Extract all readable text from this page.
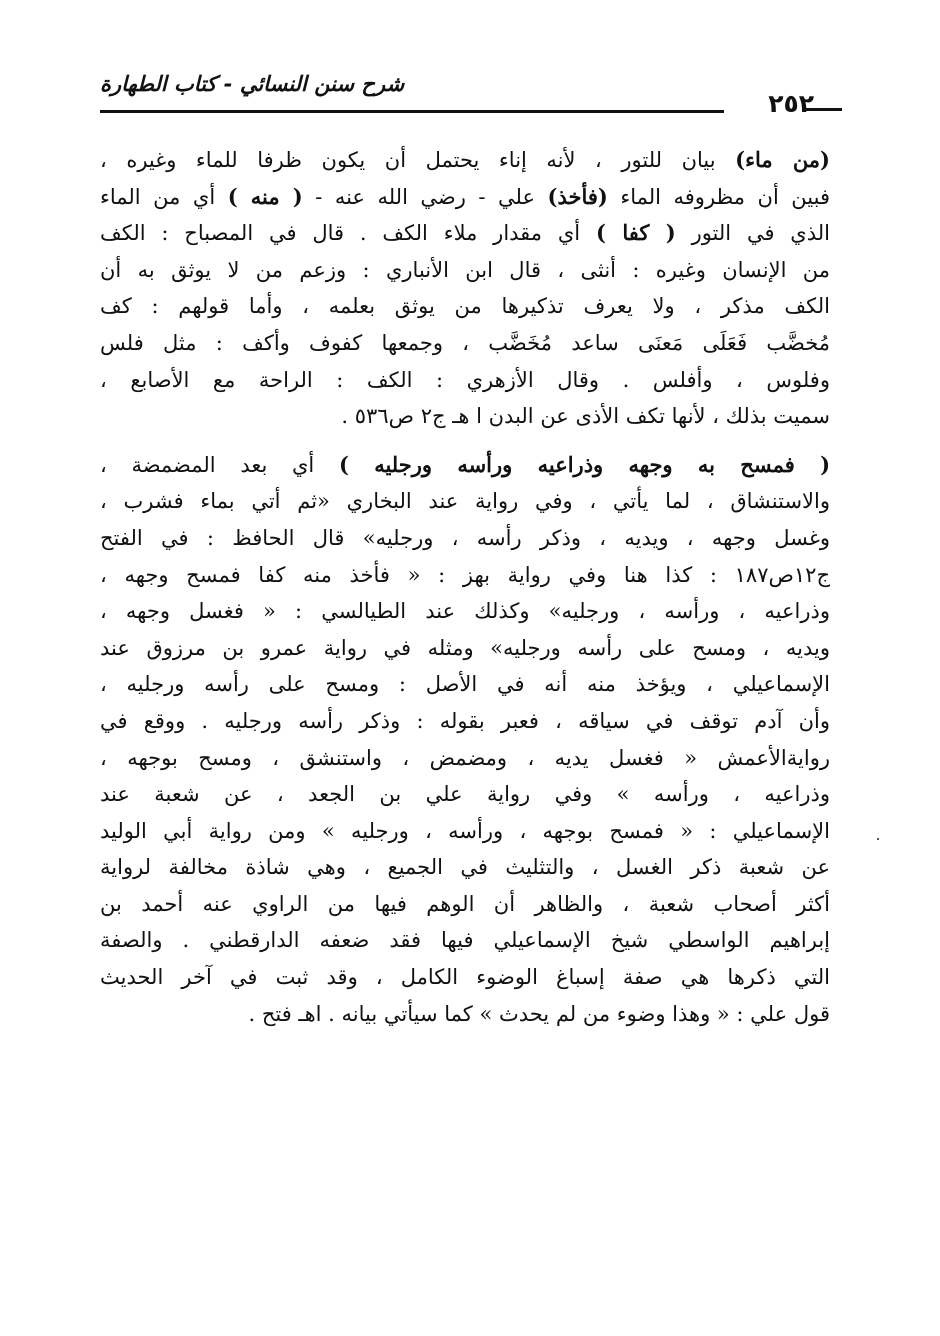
شرح سنن النسائي - كتاب الطهارة
٢٥٢

(من ماء) بيان للتور ، لأنه إناء يحتمل أن يكون ظرفا للماء وغيره ،
فبين أن مظروفه الماء (فأخذ) علي - رضي الله عنه - ( منه ) أي من الماء
الذي في التور ( كفا ) أي مقدار ملاء الكف . قال في المصباح : الكف
من الإنسان وغيره : أنثى ، قال ابن الأنباري : وزعم من لا يوثق به أن
الكف مذكر ، ولا يعرف تذكيرها من يوثق بعلمه ، وأما قولهم : كف
مُخضَّب فَعَلَى مَعنَى ساعد مُخَضَّب ، وجمعها كفوف وأكف : مثل فلس
وفلوس ، وأفلس . وقال الأزهري : الكف : الراحة مع الأصابع ،
سميت بذلك ، لأنها تكف الأذى عن البدن ا هـ ج٢ ص٥٣٦ .

( فمسح به وجهه وذراعيه ورأسه ورجليه ) أي بعد المضمضة ،
والاستنشاق ، لما يأتي ، وفي رواية عند البخاري «ثم أتي بماء فشرب ،
وغسل وجهه ، ويديه ، وذكر رأسه ، ورجليه» قال الحافظ : في الفتح
ج١٢ص١٨٧ : كذا هنا وفي رواية بهز : « فأخذ منه كفا فمسح وجهه ،
وذراعيه ، ورأسه ، ورجليه» وكذلك عند الطيالسي : « فغسل وجهه ،
ويديه ، ومسح على رأسه ورجليه» ومثله في رواية عمرو بن مرزوق عند
الإسماعيلي ، ويؤخذ منه أنه في الأصل : ومسح على رأسه ورجليه ،
وأن آدم توقف في سياقه ، فعبر بقوله : وذكر رأسه ورجليه . ووقع في
روايةالأعمش « فغسل يديه ، ومضمض ، واستنشق ، ومسح بوجهه ،
وذراعيه ، ورأسه » وفي رواية علي بن الجعد ، عن شعبة عند
الإسماعيلي : « فمسح بوجهه ، ورأسه ، ورجليه » ومن رواية أبي الوليد
عن شعبة ذكر الغسل ، والتثليث في الجميع ، وهي شاذة مخالفة لرواية
أكثر أصحاب شعبة ، والظاهر أن الوهم فيها من الراوي عنه أحمد بن
إبراهيم الواسطي شيخ الإسماعيلي فيها فقد ضعفه الدارقطني . والصفة
التي ذكرها هي صفة إسباغ الوضوء الكامل ، وقد ثبت في آخر الحديث
قول علي : « وهذا وضوء من لم يحدث » كما سيأتي بيانه . اهـ فتح .
